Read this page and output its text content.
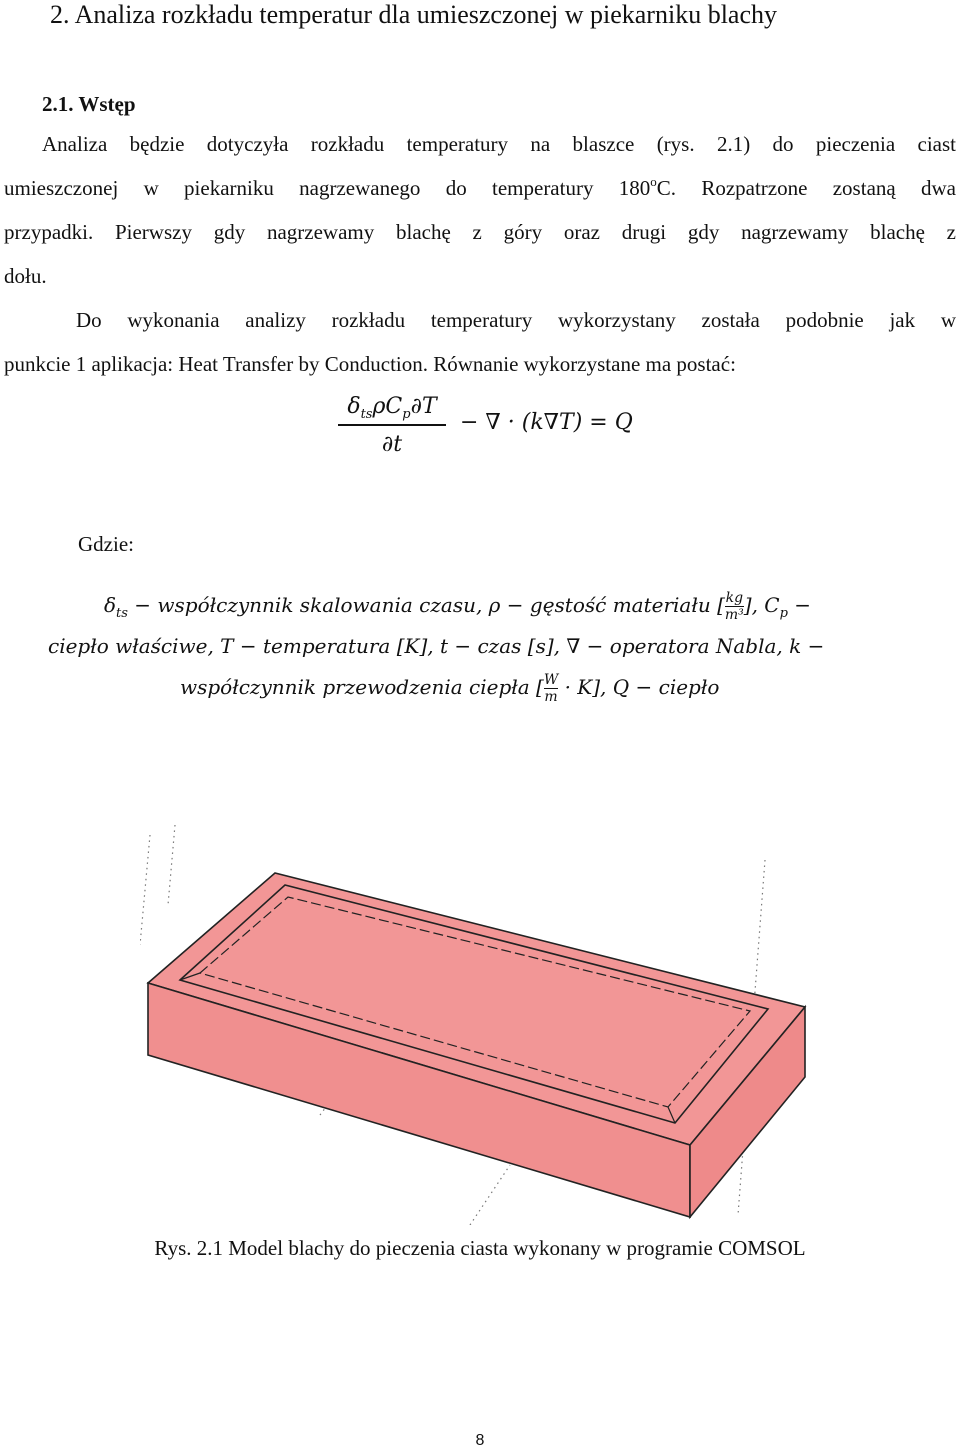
2. Analiza rozkładu temperatur dla umieszczonej w piekarniku blachy
2.1. Wstęp
Analiza będzie dotyczyła rozkładu temperatury na blaszce (rys. 2.1) do pieczenia ciast
umieszczonej w piekarniku nagrzewanego do temperatury 180$^o$C. Rozpatrzone zostaną dwa
przypadki. Pierwszy gdy nagrzewamy blachę z góry oraz drugi gdy nagrzewamy blachę z
dołu.
Do wykonania analizy rozkładu temperatury wykorzystany została podobnie jak w
punkcie 1 aplikacja: Heat Transfer by Conduction. Równanie wykorzystane ma postać:
$\delta_{ts}\rho C_p\partial T$
∂t
− ∇ · (k∇T) = Q
Gdzie:
$\delta_{ts}$ − współczynnik skalowania czasu, ρ − gęstość materiału $[\frac{kg}{\text{m³}}]$, $C_p$ −
ciepło właściwe, T − temperatura [K], t − czas [s], ∇ − operatora Nabla, k −
współczynnik przewodzenia ciepła $[\frac{W}{m} \cdot K]$, Q − ciepło
Rys. 2.1 Model blachy do pieczenia ciasta wykonany w programie COMSOL
8
